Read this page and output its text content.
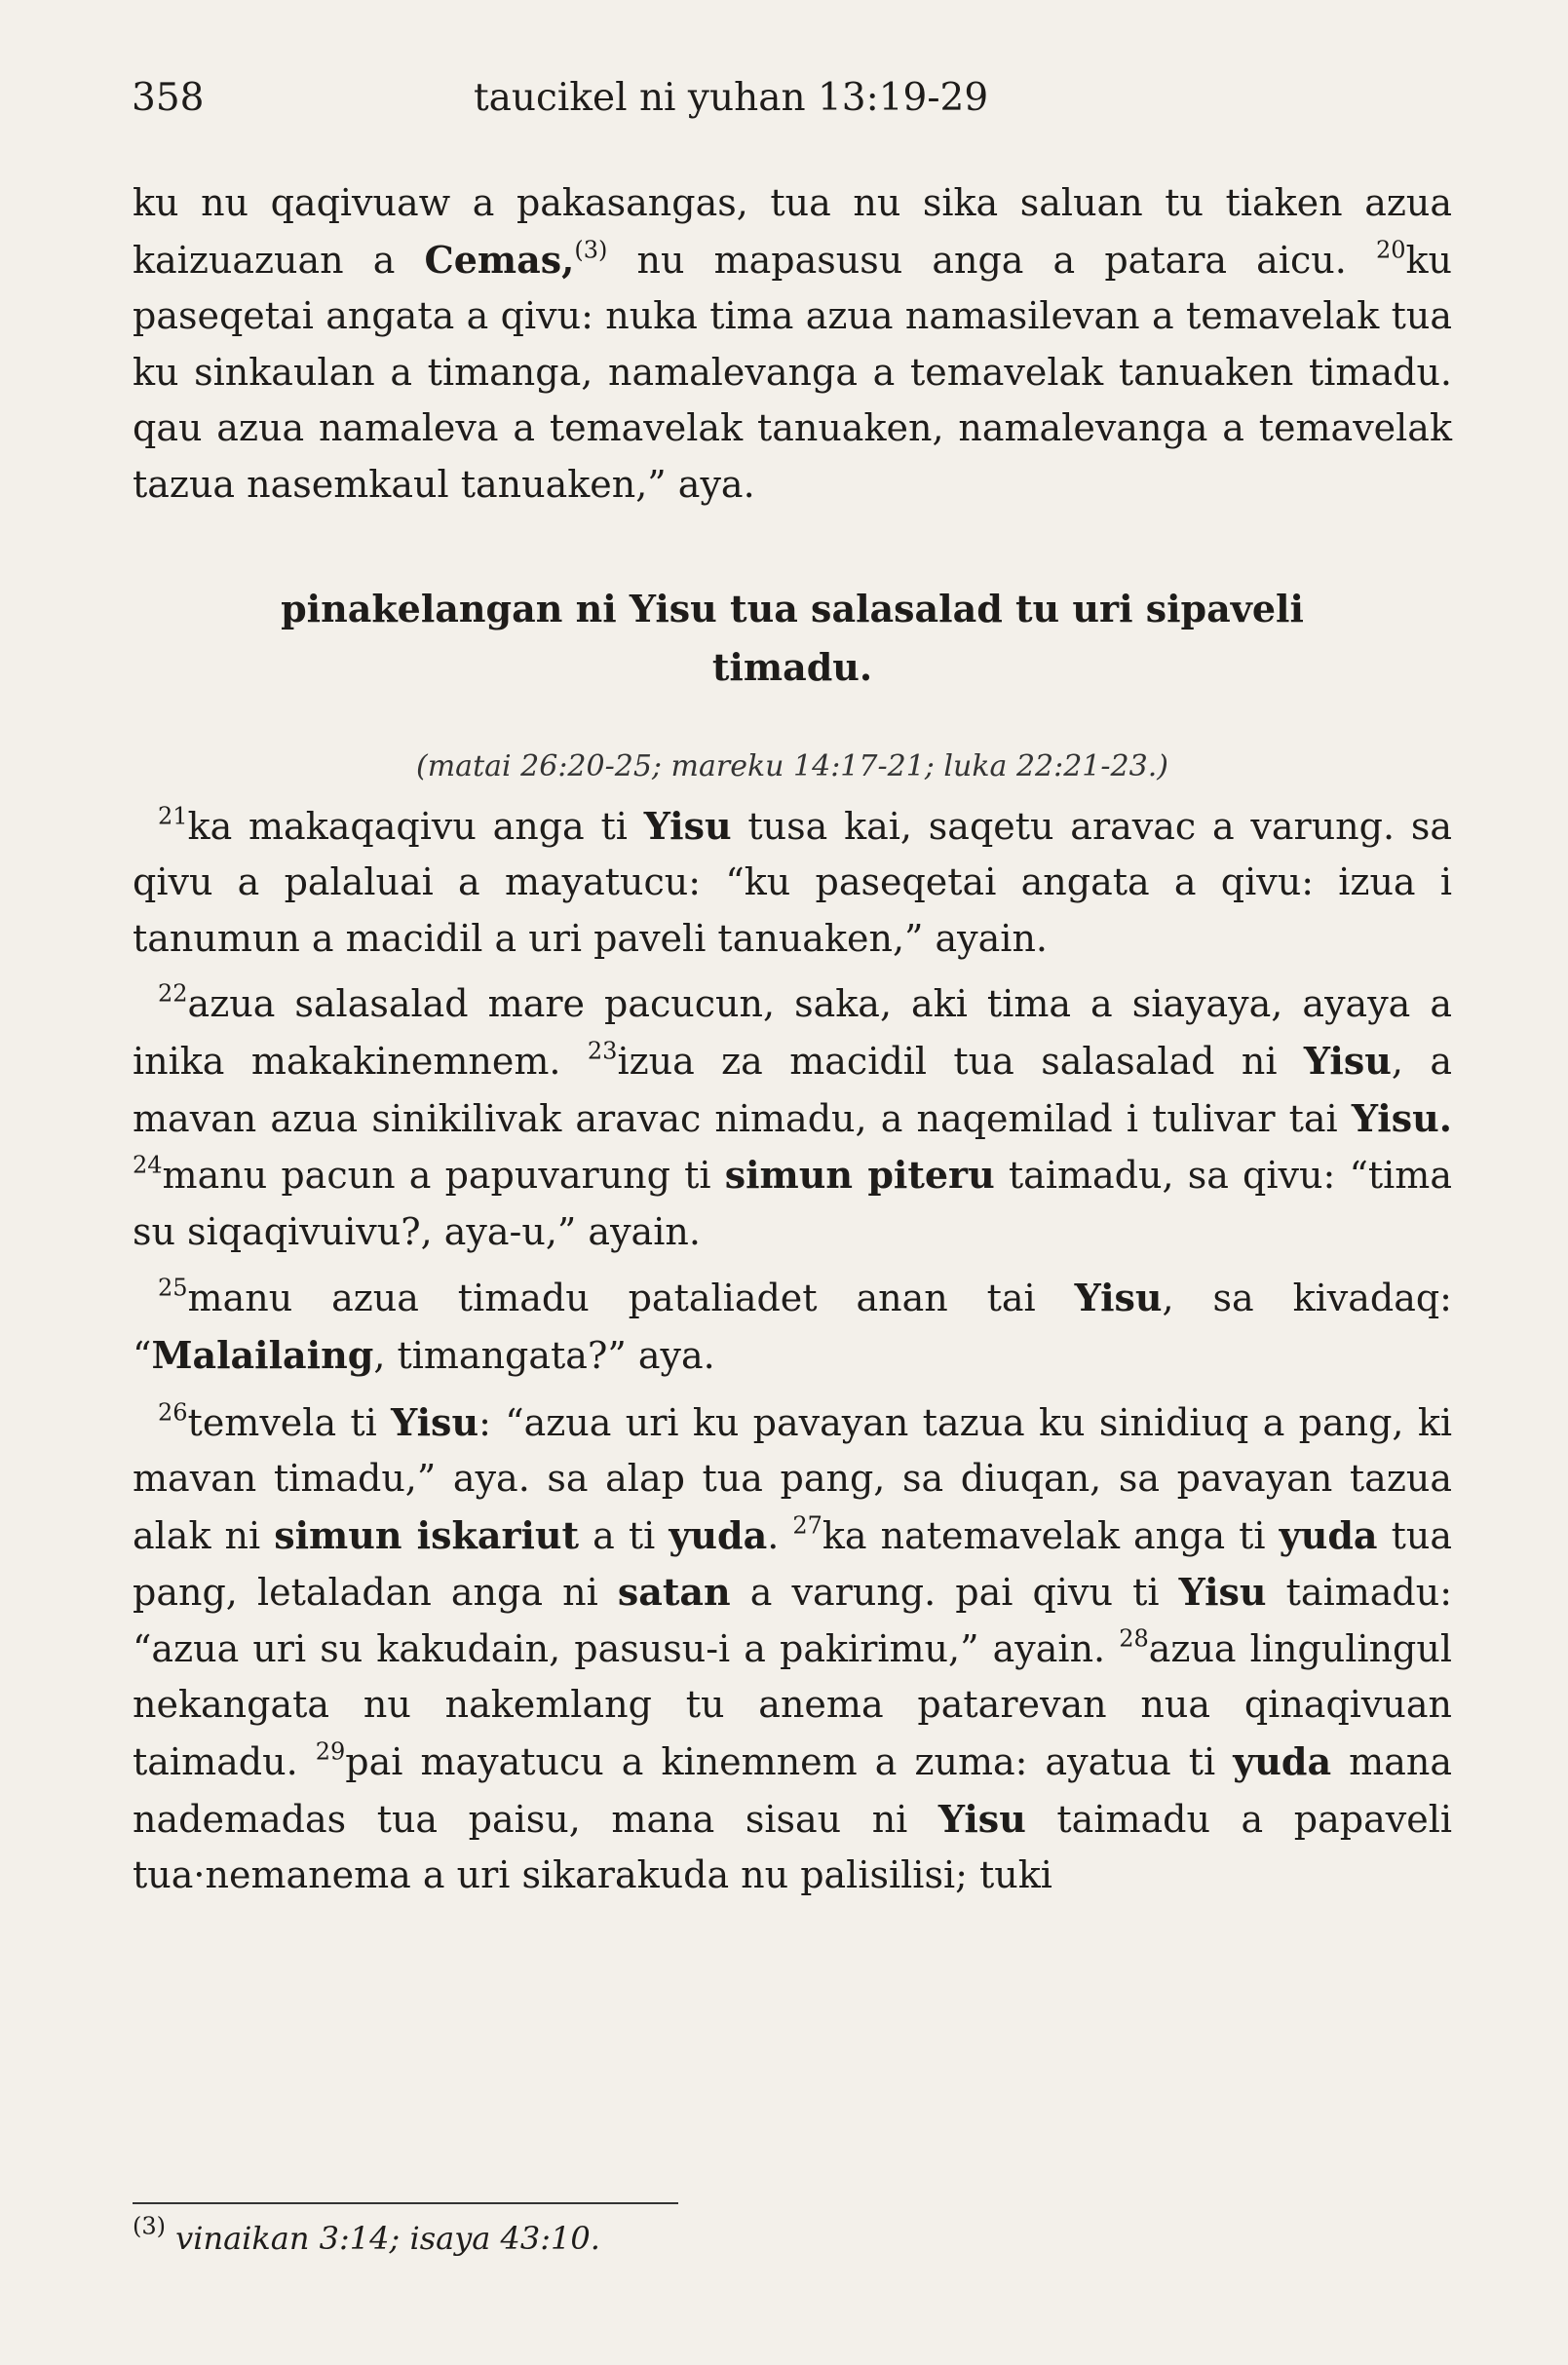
358	taucikel ni yuhan 13:19-29

ku nu qaqivuaw a pakasangas, tua nu sika saluan tu tiaken azua kaizuazuan a Cemas,$^{(3)}$ nu mapasusu anga a patara aicu. $^{20}$ku paseqetai angata a qivu: nuka tima azua namasilevan a temavelak tua ku sinkaulan a timanga, namalevanga a temavelak tanuaken timadu. qau azua namaleva a temavelak tanuaken, namalevanga a temavelak tazua nasemkaul tanuaken,” aya.

pinakelangan ni Yisu tua salasalad tu uri sipaveli
timadu.
(matai 26:20-25; mareku 14:17-21; luka 22:21-23.)

$^{21}$ka makaqaqivu anga ti Yisu tusa kai, saqetu aravac a varung. sa qivu a palaluai a mayatucu: “ku paseqetai angata a qivu: izua i tanumun a macidil a uri paveli tanuaken,” ayain.

$^{22}$azua salasalad mare pacucun, saka, aki tima a siayaya, ayaya a inika makakinemnem. $^{23}$izua za macidil tua salasalad ni Yisu, a mavan azua sinikilivak aravac nimadu, a naqemilad i tulivar tai Yisu. $^{24}$manu pacun a papuvarung ti simun piteru taimadu, sa qivu: “tima su siqaqivuivu?, aya-u,” ayain.

$^{25}$manu azua timadu pataliadet anan tai Yisu, sa kivadaq: “Malailaing, timangata?” aya.

$^{26}$temvela ti Yisu: “azua uri ku pavayan tazua ku sinidiuq a pang, ki mavan timadu,” aya. sa alap tua pang, sa diuqan, sa pavayan tazua alak ni simun iskariut a ti yuda. $^{27}$ka natemavelak anga ti yuda tua pang, letaladan anga ni satan a varung. pai qivu ti Yisu taimadu: “azua uri su kakudain, pasusu-i a pakirimu,” ayain. $^{28}$azua lingulingul nekangata nu nakemlang tu anema patarevan nua qinaqivuan taimadu. $^{29}$pai mayatucu a kinemnem a zuma: ayatua ti yuda mana nademadas tua paisu, mana sisau ni Yisu taimadu a papaveli tua·nemanema a uri sikarakuda nu palisilisi; tuki

$^{(3)}$ vinaikan 3:14; isaya 43:10.
